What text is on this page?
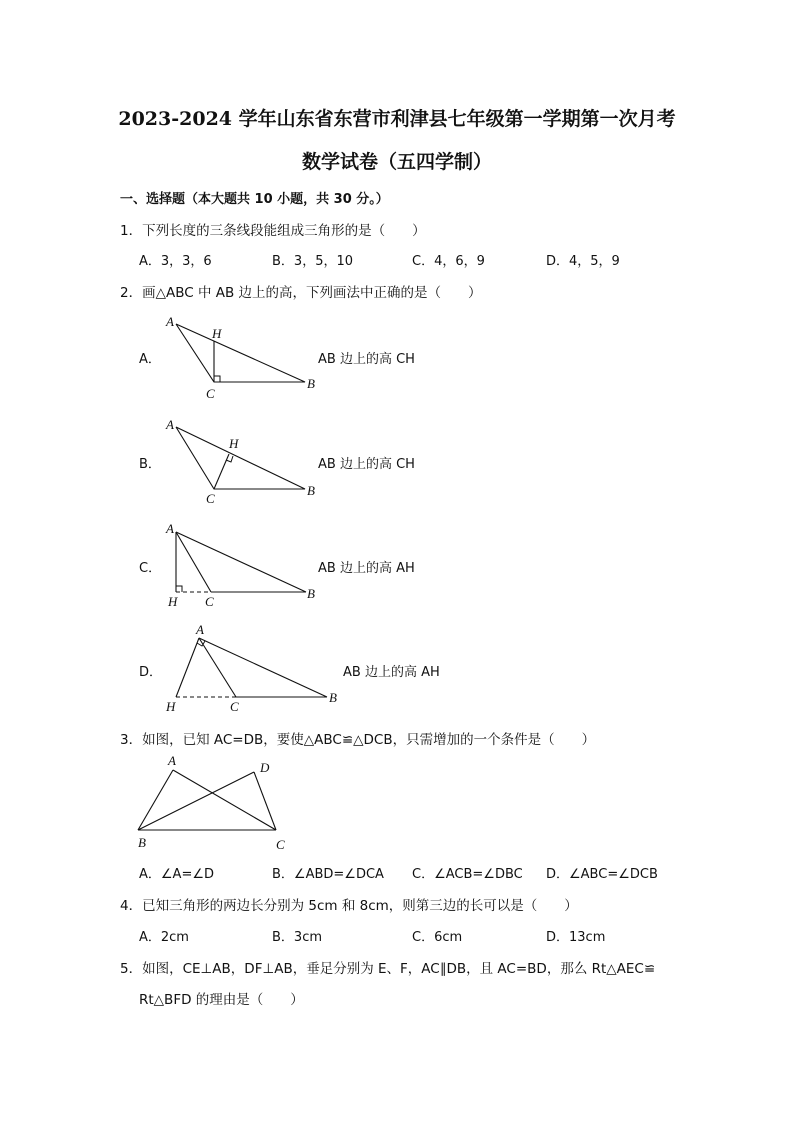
2023-2024 学年山东省东营市利津县七年级第一学期第一次月考
数学试卷（五四学制）
一、选择题（本大题共 10 小题，共 30 分。）
1．下列长度的三条线段能组成三角形的是（　　）
A．3，3，6	B．3，5，10	C．4，6，9	D．4，5，9
2．画△ABC 中 AB 边上的高，下列画法中正确的是（　　）
A．
A
H
C
B
AB 边上的高 CH
B．
A
H
C
B
AB 边上的高 CH
C．
A
H C
B
AB 边上的高 AH
D．
A
H	C
B
AB 边上的高 AH
3．如图，已知 AC=DB，要使△ABC≌△DCB，只需增加的一个条件是（　　）
A	D
B	C
A．∠A=∠D	B．∠ABD=∠DCA C．∠ACB=∠DBC D．∠ABC=∠DCB
4．已知三角形的两边长分别为 5cm 和 8cm，则第三边的长可以是（　　）
A．2cm	B．3cm	C．6cm	D．13cm
5．如图，CE⊥AB，DF⊥AB，垂足分别为 E、F，AC∥DB，且 AC=BD，那么 Rt△AEC≌
Rt△BFD 的理由是（　　）
